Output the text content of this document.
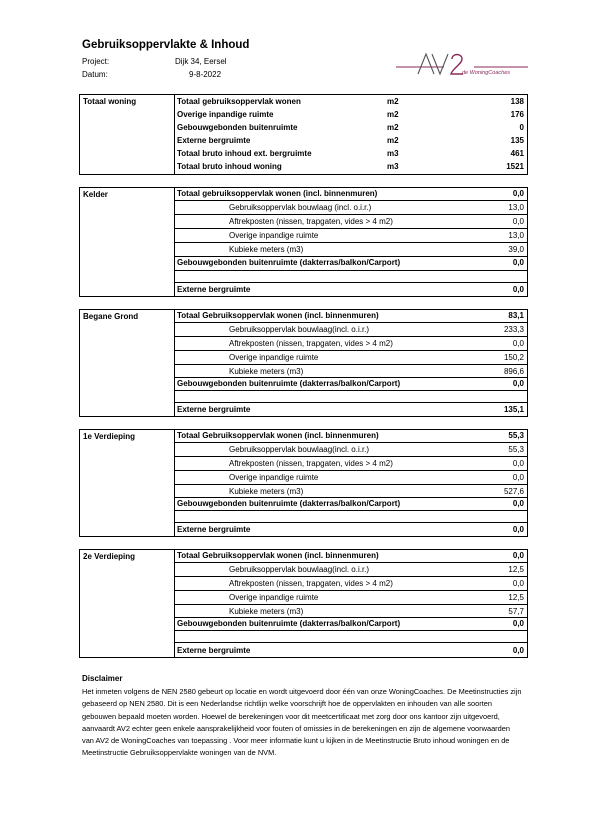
Gebruiksoppervlakte & Inhoud
Project:	Dijk 34, Eersel
Datum:	9-8-2022	de WoningCoaches
Totaal woning	Totaal gebruiksoppervlak wonen	m2	138
Overige inpandige ruimte	m2	176
Gebouwgebonden buitenruimte	m2	0
Externe bergruimte	m2	135
Totaal bruto inhoud ext. bergruimte	m3	461
Totaal bruto inhoud woning	m3	1521
Kelder	Totaal gebruiksoppervlak wonen (incl. binnenmuren)	0,0
Gebruiksoppervlak bouwlaag (incl. o.i.r.)	13,0
Aftrekposten (nissen, trapgaten, vides > 4 m2)	0,0
Overige inpandige ruimte	13,0
Kubieke meters (m3)	39,0
Gebouwgebonden buitenruimte (dakterras/balkon/Carport)	0,0
Externe bergruimte	0,0
Begane Grond	Totaal Gebruiksoppervlak wonen (incl. binnenmuren)	83,1
Gebruiksoppervlak bouwlaag(incl. o.i.r.)	233,3
Aftrekposten (nissen, trapgaten, vides > 4 m2)	0,0
Overige inpandige ruimte	150,2
Kubieke meters (m3)	896,6
Gebouwgebonden buitenruimte (dakterras/balkon/Carport)	0,0
Externe bergruimte	135,1
1e Verdieping	Totaal Gebruiksoppervlak wonen (incl. binnenmuren)	55,3
Gebruiksoppervlak bouwlaag(incl. o.i.r.)	55,3
Aftrekposten (nissen, trapgaten, vides > 4 m2)	0,0
Overige inpandige ruimte	0,0
Kubieke meters (m3)	527,6
Gebouwgebonden buitenruimte (dakterras/balkon/Carport)	0,0
Externe bergruimte	0,0
2e Verdieping	Totaal Gebruiksoppervlak wonen (incl. binnenmuren)	0,0
Gebruiksoppervlak bouwlaag(incl. o.i.r.)	12,5
Aftrekposten (nissen, trapgaten, vides > 4 m2)	0,0
Overige inpandige ruimte	12,5
Kubieke meters (m3)	57,7
Gebouwgebonden buitenruimte (dakterras/balkon/Carport)	0,0
Externe bergruimte	0,0
Disclaimer
Het inmeten volgens de NEN 2580 gebeurt op locatie en wordt uitgevoerd door één van onze WoningCoaches. De Meetinstructies zijn gebaseerd op NEN 2580. Dit is een Nederlandse richtlijn welke voorschrijft hoe de oppervlakten en inhouden van alle soorten gebouwen bepaald moeten worden. Hoewel de berekeningen voor dit meetcertificaat met zorg door ons kantoor zijn uitgevoerd, aanvaardt AV2 echter geen enkele aansprakelijkheid voor fouten of omissies in de berekeningen en zijn de algemene voorwaarden van AV2 de WoningCoaches van toepassing . Voor meer informatie kunt u kijken in de Meetinstructie Bruto inhoud woningen en de Meetinstructie Gebruiksoppervlakte woningen van de NVM.
